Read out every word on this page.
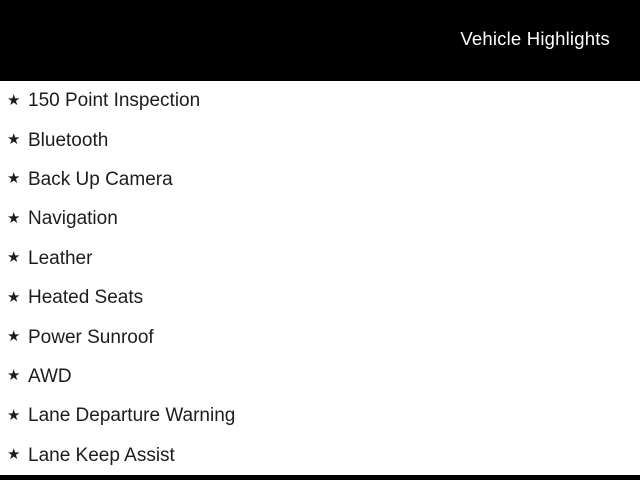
Vehicle Highlights
★ 150 Point Inspection
★ Bluetooth
★ Back Up Camera
★ Navigation
★ Leather
★ Heated Seats
★ Power Sunroof
★ AWD
★ Lane Departure Warning
★ Lane Keep Assist
